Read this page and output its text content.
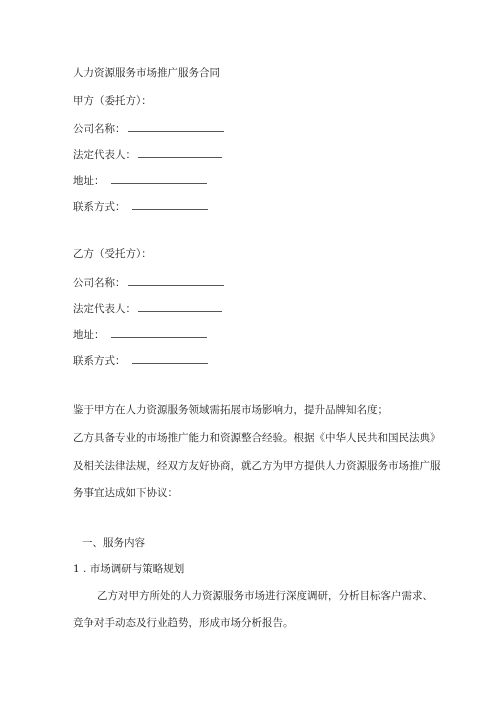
人力资源服务市场推广服务合同
甲方（委托方）：
公司名称：
法定代表人：
地址：
联系方式：
乙方（受托方）：
公司名称：
法定代表人：
地址：
联系方式：
鉴于甲方在人力资源服务领域需拓展市场影响力，提升品牌知名度；
乙方具备专业的市场推广能力和资源整合经验。根据《中华人民共和国民法典》
及相关法律法规，经双方友好协商，就乙方为甲方提供人力资源服务市场推广服
务事宜达成如下协议：
一、服务内容
1 . 市场调研与策略规划
乙方对甲方所处的人力资源服务市场进行深度调研，分析目标客户需求、
竞争对手动态及行业趋势，形成市场分析报告。
